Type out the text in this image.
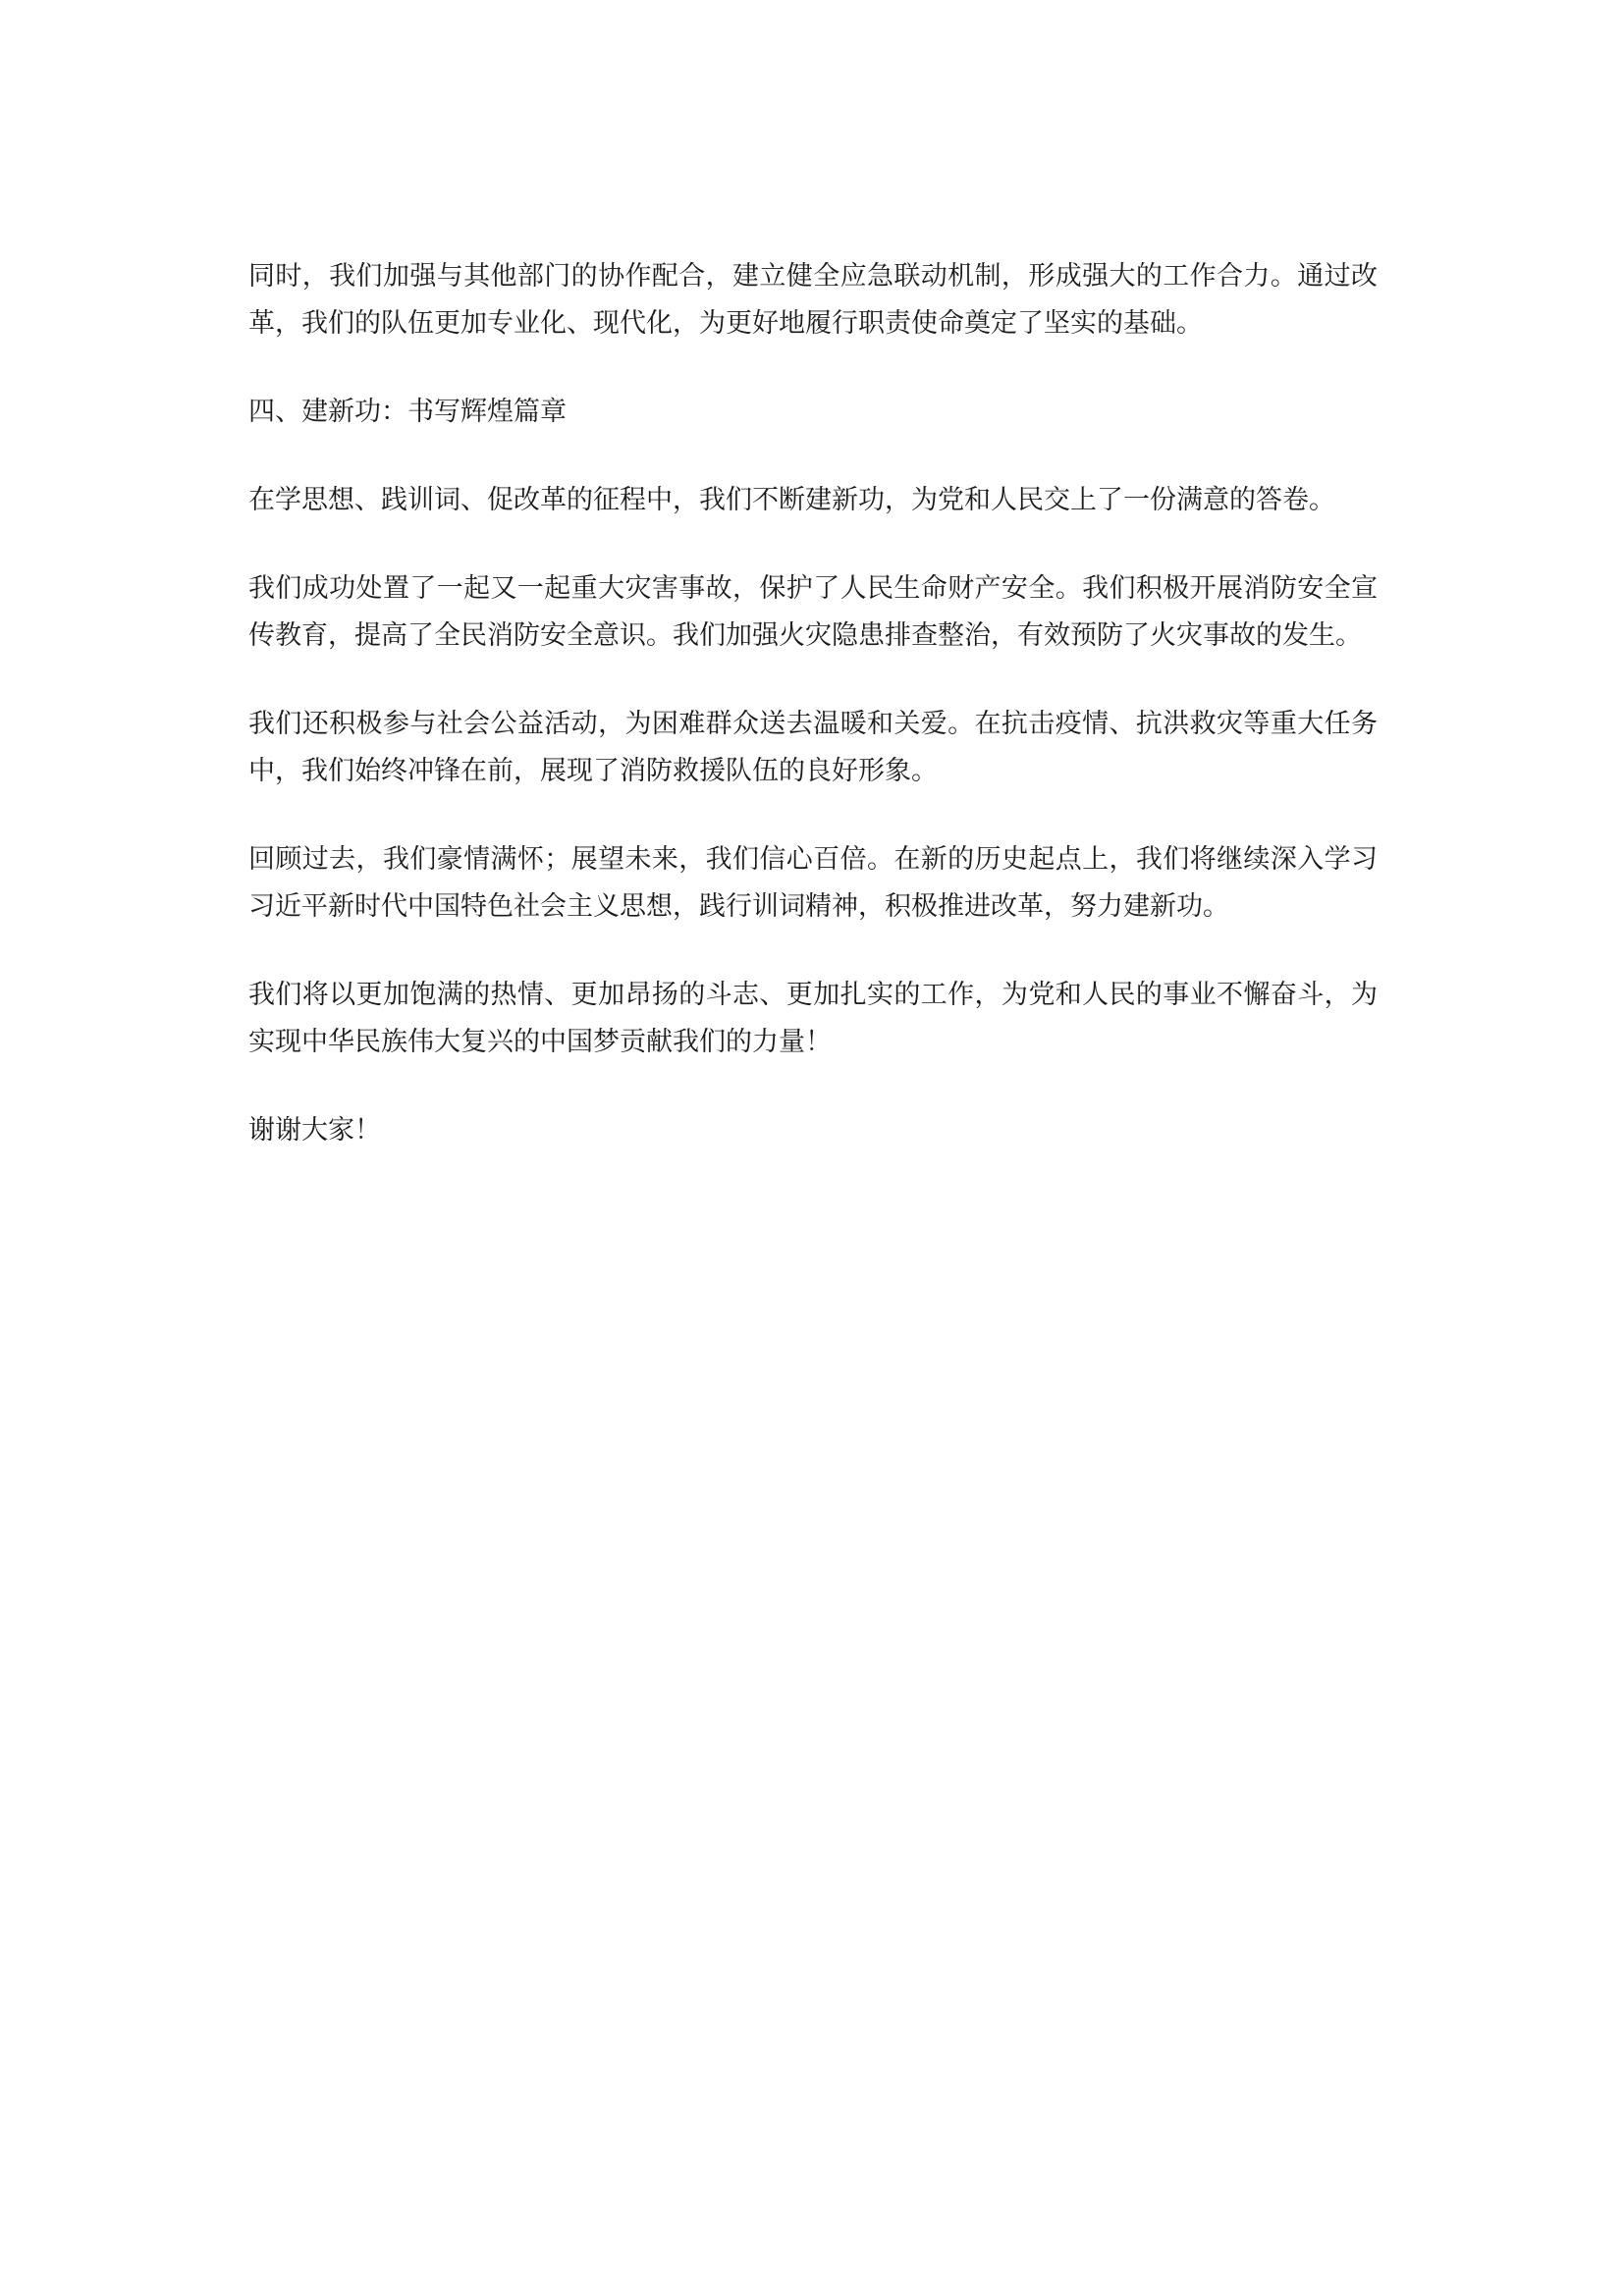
同时，我们加强与其他部门的协作配合，建立健全应急联动机制，形成强大的工作合力。通过改革，我们的队伍更加专业化、现代化，为更好地履行职责使命奠定了坚实的基础。

四、建新功：书写辉煌篇章

在学思想、践训词、促改革的征程中，我们不断建新功，为党和人民交上了一份满意的答卷。

我们成功处置了一起又一起重大灾害事故，保护了人民生命财产安全。我们积极开展消防安全宣传教育，提高了全民消防安全意识。我们加强火灾隐患排查整治，有效预防了火灾事故的发生。

我们还积极参与社会公益活动，为困难群众送去温暖和关爱。在抗击疫情、抗洪救灾等重大任务中，我们始终冲锋在前，展现了消防救援队伍的良好形象。

回顾过去，我们豪情满怀；展望未来，我们信心百倍。在新的历史起点上，我们将继续深入学习习近平新时代中国特色社会主义思想，践行训词精神，积极推进改革，努力建新功。

我们将以更加饱满的热情、更加昂扬的斗志、更加扎实的工作，为党和人民的事业不懈奋斗，为实现中华民族伟大复兴的中国梦贡献我们的力量！

谢谢大家！
